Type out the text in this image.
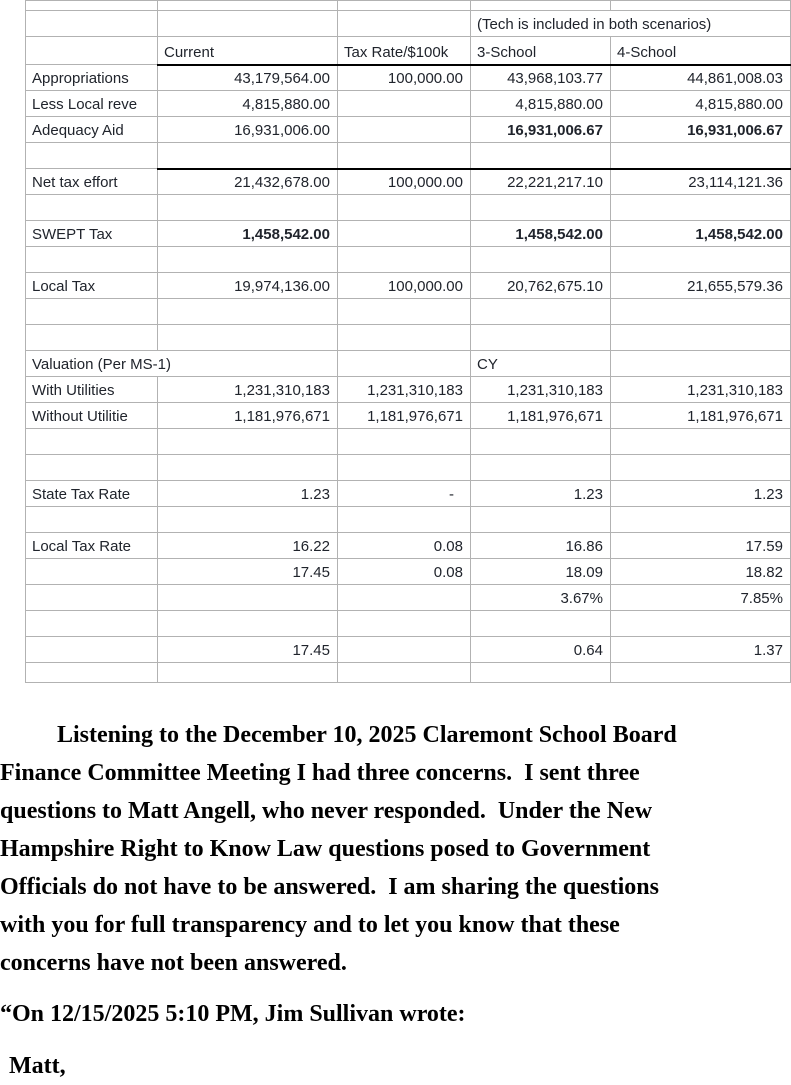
			(Tech is included in both scenarios)	
	Current	Tax Rate/$100k	3-School	4-School
Appropriations	43,179,564.00	100,000.00	43,968,103.77	44,861,008.03
Less Local reve	4,815,880.00		4,815,880.00	4,815,880.00
Adequacy Aid	16,931,006.00		16,931,006.67	16,931,006.67

Net tax effort	21,432,678.00	100,000.00	22,221,217.10	23,114,121.36

SWEPT Tax	1,458,542.00		1,458,542.00	1,458,542.00

Local Tax	19,974,136.00	100,000.00	20,762,675.10	21,655,579.36

Valuation (Per MS-1)			CY	
With Utilities	1,231,310,183	1,231,310,183	1,231,310,183	1,231,310,183
Without Utilitie	1,181,976,671	1,181,976,671	1,181,976,671	1,181,976,671

State Tax Rate	1.23	-	1.23	1.23

Local Tax Rate	16.22	0.08	16.86	17.59
	17.45	0.08	18.09	18.82
			3.67%	7.85%

	17.45		0.64	1.37

Listening to the December 10, 2025 Claremont School Board
Finance Committee Meeting I had three concerns.  I sent three
questions to Matt Angell, who never responded.  Under the New
Hampshire Right to Know Law questions posed to Government
Officials do not have to be answered.  I am sharing the questions
with you for full transparency and to let you know that these
concerns have not been answered.
“On 12/15/2025 5:10 PM, Jim Sullivan wrote:
Matt,
